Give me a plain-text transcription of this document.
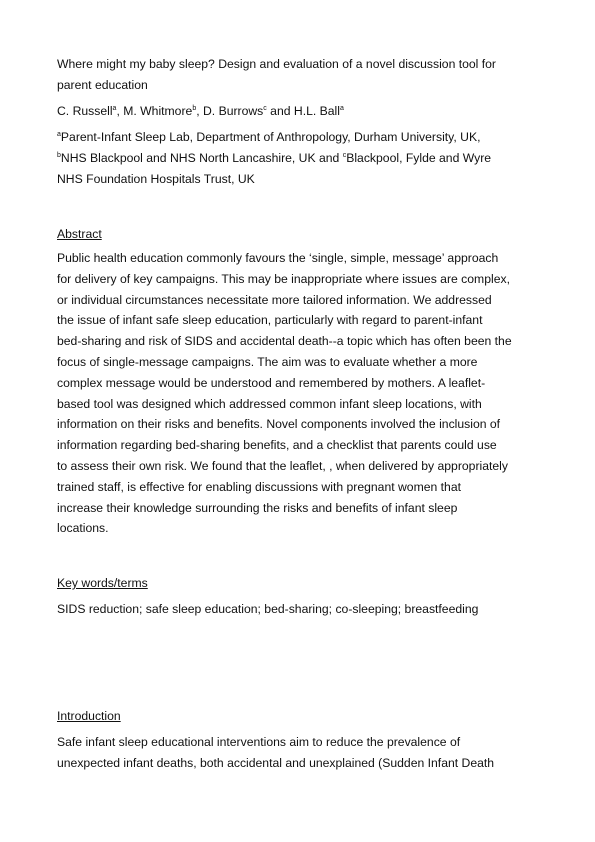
Where might my baby sleep? Design and evaluation of a novel discussion tool for
parent education
C. Russell$^a$, M. Whitmore$^b$, D. Burrows$^c$ and H.L. Ball$^a$
$^a$Parent-Infant Sleep Lab, Department of Anthropology, Durham University, UK,
$^b$NHS Blackpool and NHS North Lancashire, UK and $^c$Blackpool, Fylde and Wyre
NHS Foundation Hospitals Trust, UK
Abstract
Public health education commonly favours the ‘single, simple, message’ approach
for delivery of key campaigns. This may be inappropriate where issues are complex,
or individual circumstances necessitate more tailored information. We addressed
the issue of infant safe sleep education, particularly with regard to parent-infant
bed-sharing and risk of SIDS and accidental death--a topic which has often been the
focus of single-message campaigns. The aim was to evaluate whether a more
complex message would be understood and remembered by mothers. A leaflet-
based tool was designed which addressed common infant sleep locations, with
information on their risks and benefits. Novel components involved the inclusion of
information regarding bed-sharing benefits, and a checklist that parents could use
to assess their own risk. We found that the leaflet, , when delivered by appropriately
trained staff, is effective for enabling discussions with pregnant women that
increase their knowledge surrounding the risks and benefits of infant sleep
locations.
Key words/terms
SIDS reduction; safe sleep education; bed-sharing; co-sleeping; breastfeeding
Introduction
Safe infant sleep educational interventions aim to reduce the prevalence of
unexpected infant deaths, both accidental and unexplained (Sudden Infant Death
